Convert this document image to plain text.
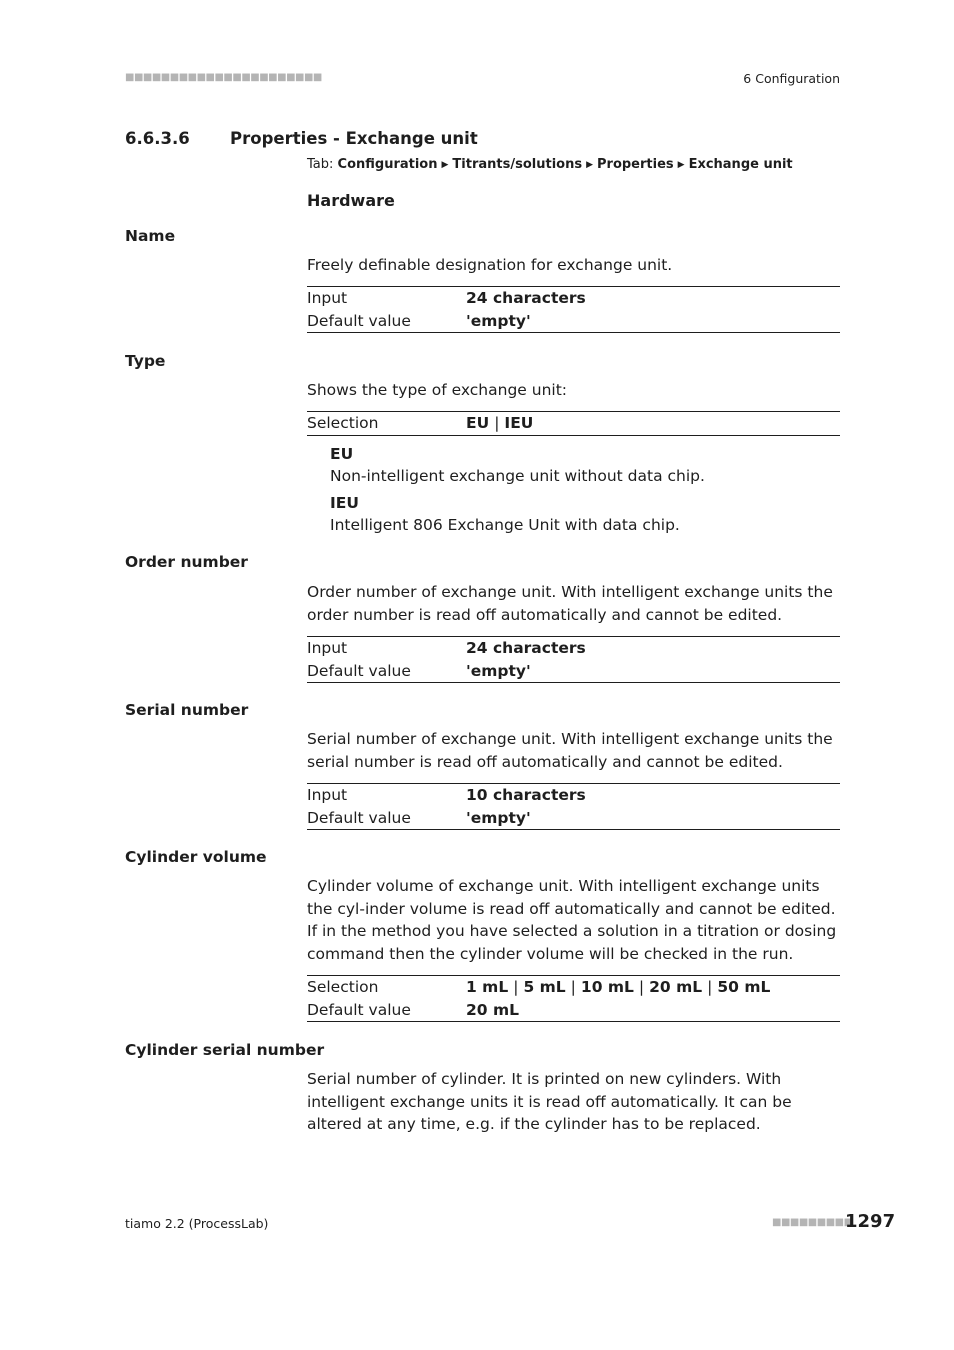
■■■■■■■■■■■■■■■■■■■■■■	6 Configuration
6.6.3.6 Properties - Exchange unit
Tab: Configuration ▶ Titrants/solutions ▶ Properties ▶ Exchange unit
Hardware
Name
Freely definable designation for exchange unit.
Input	24 characters
Default value	'empty'
Type
Shows the type of exchange unit:
Selection	EU | IEU
EU
Non-intelligent exchange unit without data chip.
IEU
Intelligent 806 Exchange Unit with data chip.
Order number
Order number of exchange unit. With intelligent exchange units the order number is read off automatically and cannot be edited.
Input	24 characters
Default value	'empty'
Serial number
Serial number of exchange unit. With intelligent exchange units the serial number is read off automatically and cannot be edited.
Input	10 characters
Default value	'empty'
Cylinder volume
Cylinder volume of exchange unit. With intelligent exchange units the cyl-inder volume is read off automatically and cannot be edited. If in the method you have selected a solution in a titration or dosing command then the cylinder volume will be checked in the run.
Selection	1 mL | 5 mL | 10 mL | 20 mL | 50 mL
Default value	20 mL
Cylinder serial number
Serial number of cylinder. It is printed on new cylinders. With intelligent exchange units it is read off automatically. It can be altered at any time, e.g. if the cylinder has to be replaced.
tiamo 2.2 (ProcessLab)	■■■■■■■■■
1297
